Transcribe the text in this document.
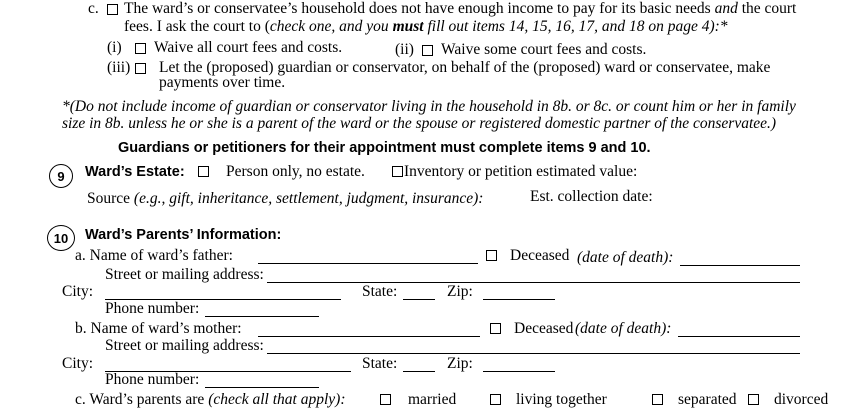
c. The ward’s or conservatee’s household does not have enough income to pay for its basic needs and the court
fees. I ask the court to (check one, and you must fill out items 14, 15, 16, 17, and 18 on page 4):*
(i) Waive all court fees and costs.	(ii) Waive some court fees and costs.
(iii) Let the (proposed) guardian or conservator, on behalf of the (proposed) ward or conservatee, make
payments over time.
*(Do not include income of guardian or conservator living in the household in 8b. or 8c. or count him or her in family
size in 8b. unless he or she is a parent of the ward or the spouse or registered domestic partner of the conservatee.)
Guardians or petitioners for their appointment must complete items 9 and 10.
9	Ward’s Estate:	Person only, no estate.	Inventory or petition estimated value:
Source (e.g., gift, inheritance, settlement, judgment, insurance):	Est. collection date:
10	Ward’s Parents’ Information:
a. Name of ward’s father:	Deceased (date of death):
Street or mailing address:
City:	State:	Zip:
Phone number:
b. Name of ward’s mother:	Deceased (date of death):
Street or mailing address:
City:	State:	Zip:
Phone number:
c. Ward’s parents are (check all that apply):	married	living together	separated divorced
